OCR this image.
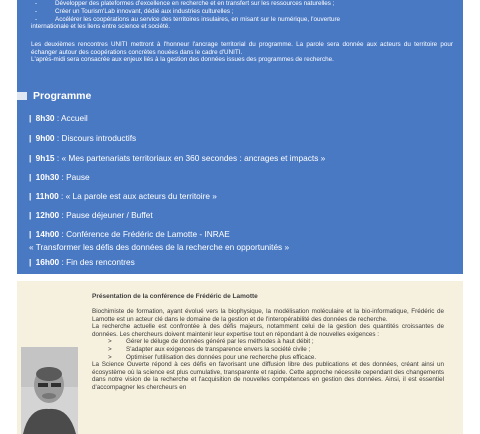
-	Développer des plateformes d'excellence en recherche et en transfert sur les ressources naturelles ;
-	Créer un Tourism'Lab innovant, dédié aux industries culturelles ;
-	Accélérer les coopérations au service des territoires insulaires, en misant sur le numérique, l'ouverture
internationale et les liens entre science et société.
Les deuxièmes rencontres UNITI mettront à l'honneur l'ancrage territorial du programme. La parole sera donnée aux acteurs du territoire pour échanger autour des coopérations concrètes nouées dans le cadre d'UNITI.
L'après-midi sera consacrée aux enjeux liés à la gestion des données issues des programmes de recherche.
Programme
| 8h30 : Accueil
| 9h00 : Discours introductifs
| 9h15 : « Mes partenariats territoriaux en 360 secondes : ancrages et impacts »
| 10h30 : Pause
| 11h00 : « La parole est aux acteurs du territoire »
| 12h00 : Pause déjeuner / Buffet
| 14h00 : Conférence de Frédéric de Lamotte - INRAE
« Transformer les défis des données de la recherche en opportunités »
| 16h00 : Fin des rencontres
Présentation de la conférence de Frédéric de Lamotte

Biochimiste de formation, ayant évolué vers la biophysique, la modélisation moléculaire et la bio-informatique, Frédéric de Lamotte est un acteur clé dans le domaine de la gestion et de l'interopérabilité des données de recherche.

La recherche actuelle est confrontée à des défis majeurs, notamment celui de la gestion des quantités croissantes de données. Les chercheurs doivent maintenir leur expertise tout en répondant à de nouvelles exigences :

>	Gérer le déluge de données généré par les méthodes à haut débit ;
>	S'adapter aux exigences de transparence envers la société civile ;
>	Optimiser l'utilisation des données pour une recherche plus efficace.

La Science Ouverte répond à ces défis en favorisant une diffusion libre des publications et des données, créant ainsi un écosystème où la science est plus cumulative, transparente et rapide. Cette approche nécessite cependant des changements dans notre vision de la recherche et l'acquisition de nouvelles compétences en gestion des données. Ainsi, il est essentiel d'accompagner les chercheurs en
